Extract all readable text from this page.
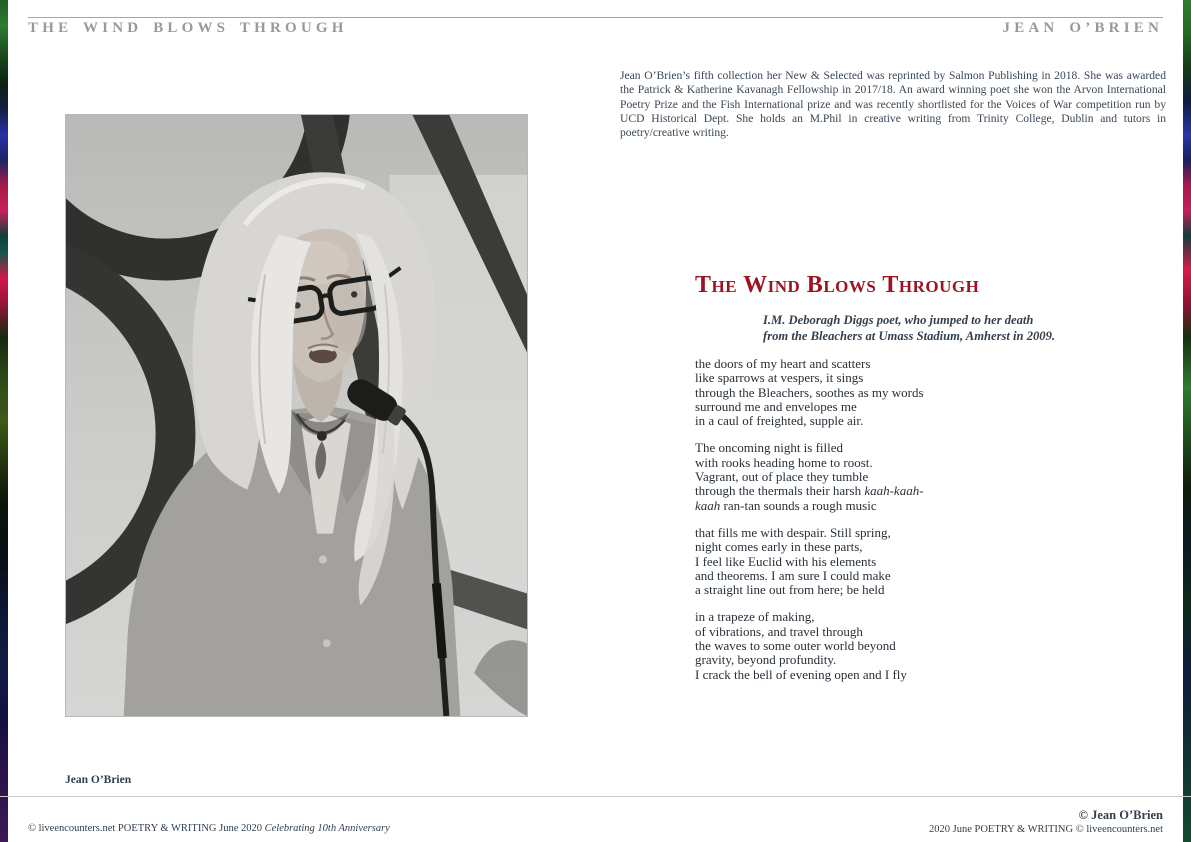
THE WIND BLOWS THROUGH	JEAN O’BRIEN
Jean O’Brien’s fifth collection her New & Selected was reprinted by Salmon Publishing in 2018. She was awarded the Patrick & Katherine Kavanagh Fellowship in 2017/18. An award winning poet she won the Arvon International Poetry Prize and the Fish International prize and was recently shortlisted for the Voices of War competition run by UCD Historical Dept. She holds an M.Phil in creative writing from Trinity College, Dublin and tutors in poetry/creative writing.
Jean O’Brien
The Wind Blows Through
I.M. Deboragh Diggs poet, who jumped to her death
from the Bleachers at Umass Stadium, Amherst in 2009.
the doors of my heart and scatters
like sparrows at vespers, it sings
through the Bleachers, soothes as my words
surround me and envelopes me
in a caul of freighted, supple air.
The oncoming night is filled
with rooks heading home to roost.
Vagrant, out of place they tumble
through the thermals their harsh kaah-kaah-
kaah ran-tan sounds a rough music
that fills me with despair. Still spring,
night comes early in these parts,
I feel like Euclid with his elements
and theorems. I am sure I could make
a straight line out from here; be held
in a trapeze of making,
of vibrations, and travel through
the waves to some outer world beyond
gravity, beyond profundity.
I crack the bell of evening open and I fly
© liveencounters.net POETRY & WRITING June 2020 Celebrating 10th Anniversary
© Jean O’Brien
2020 June POETRY & WRITING © liveencounters.net
